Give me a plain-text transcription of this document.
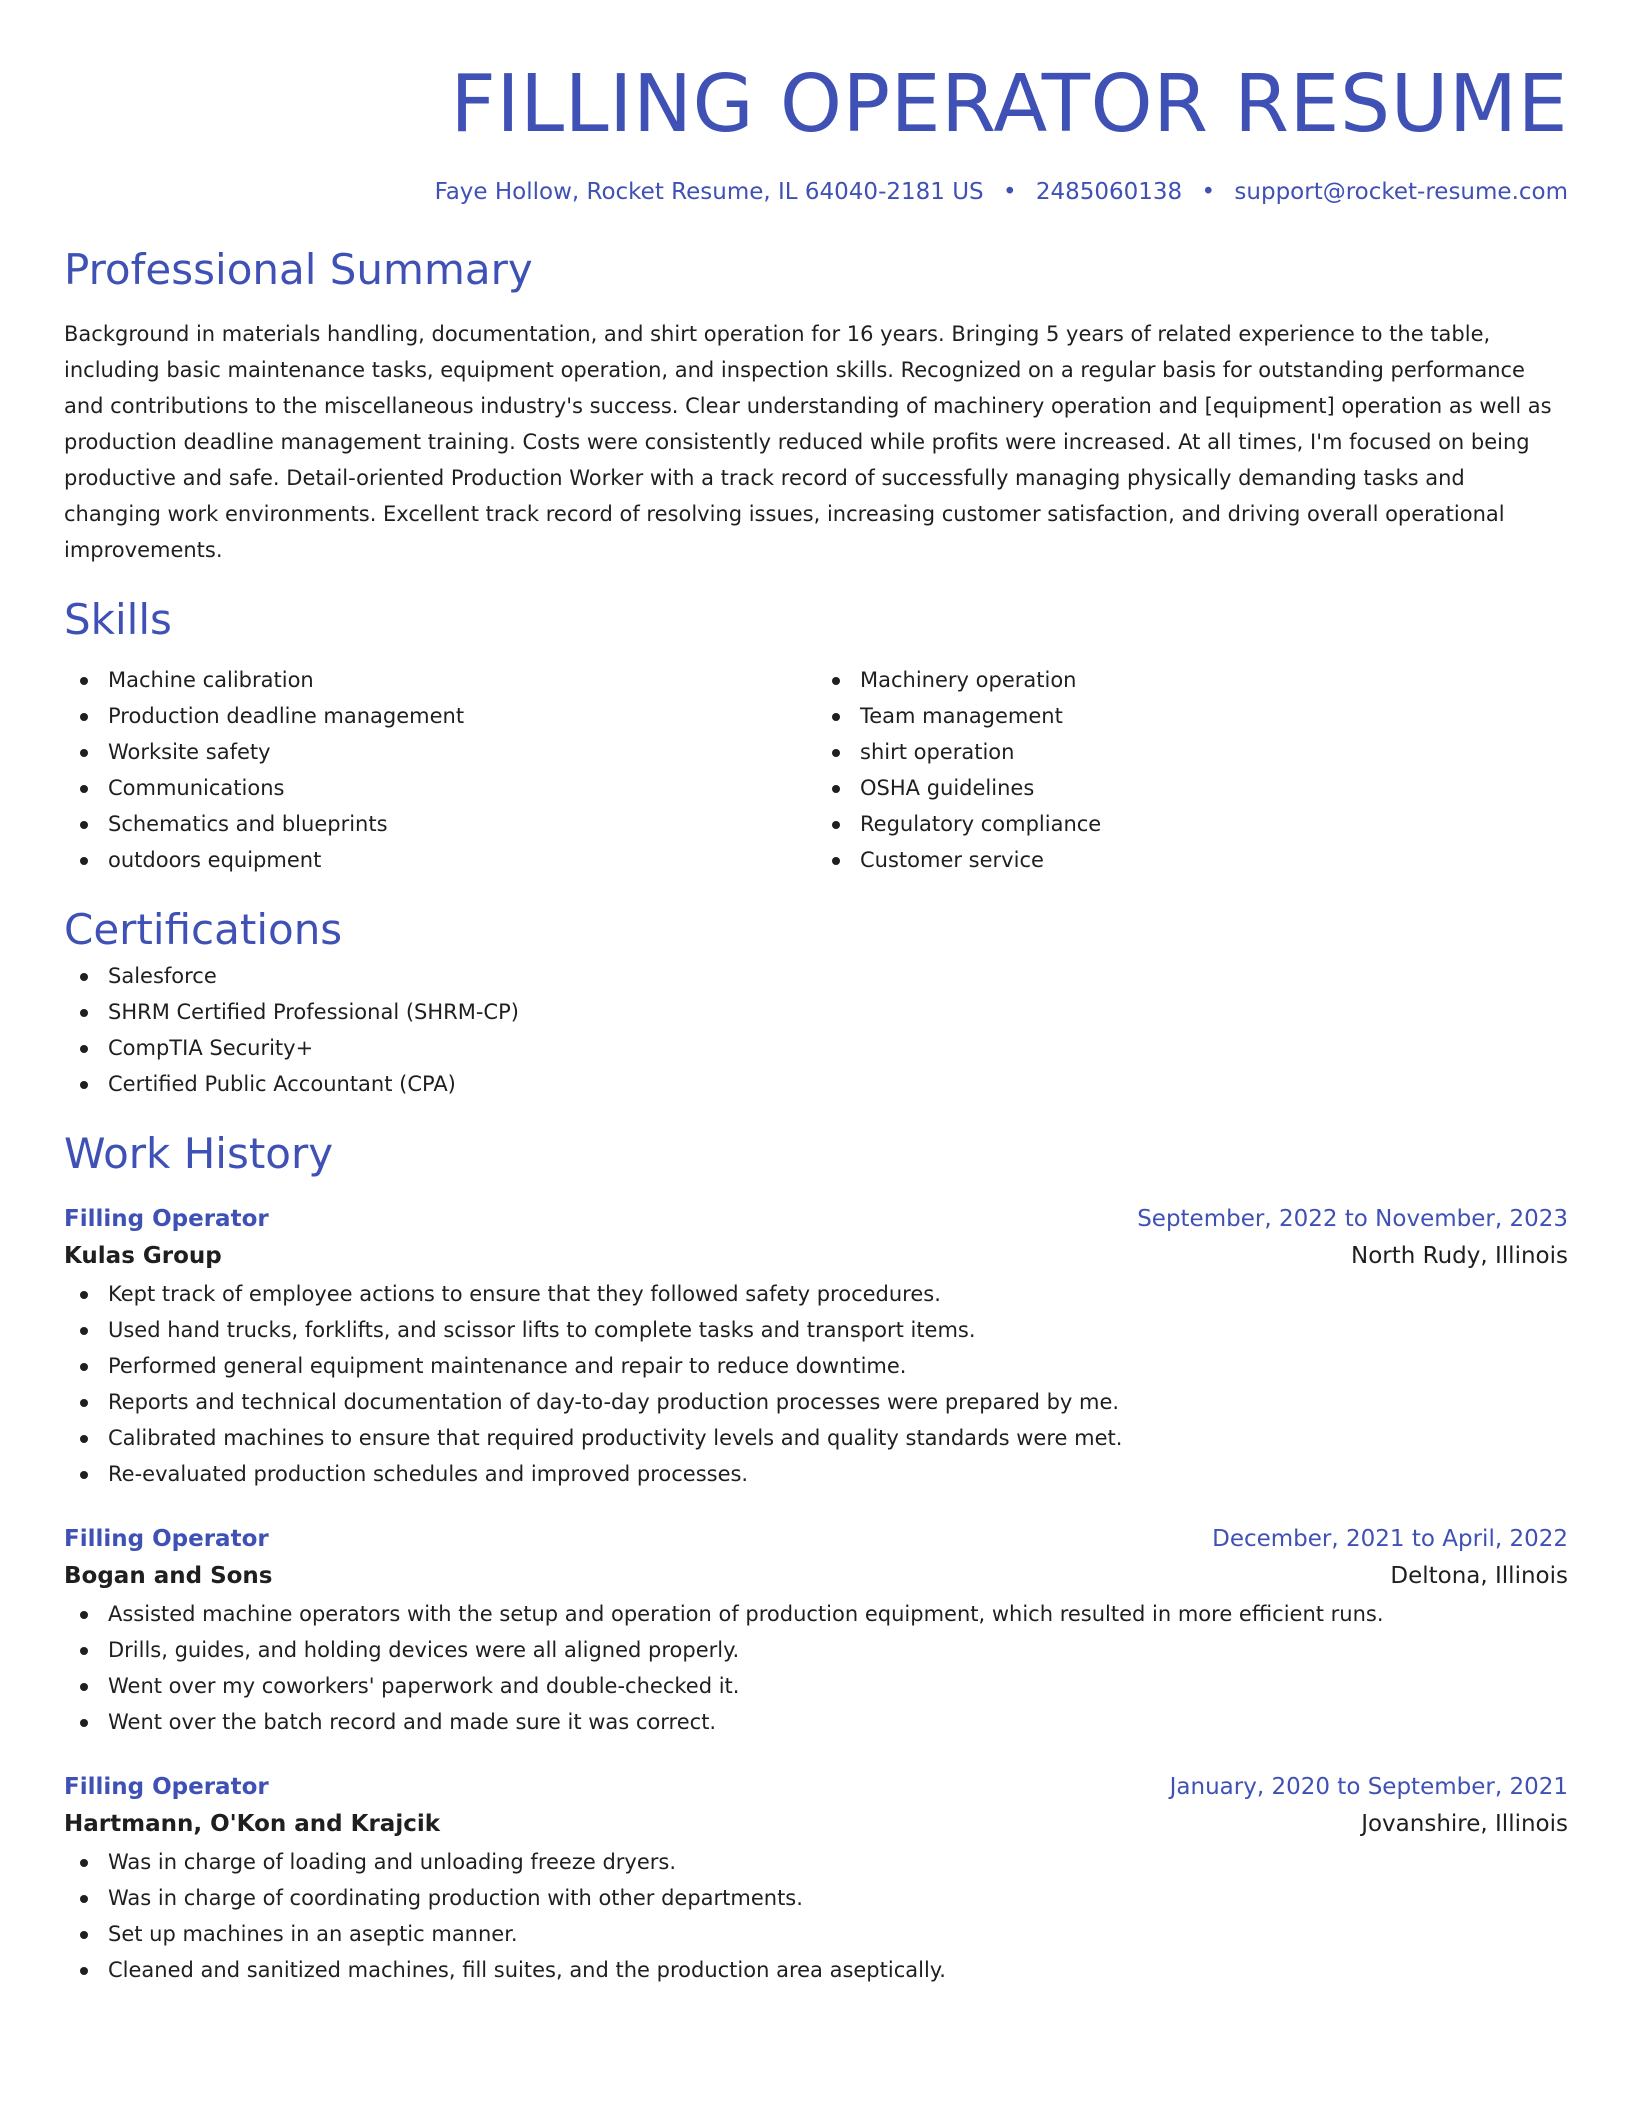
FILLING OPERATOR RESUME
Faye Hollow, Rocket Resume, IL 64040-2181 US • 2485060138 • support@rocket-resume.com
Professional Summary

Background in materials handling, documentation, and shirt operation for 16 years. Bringing 5 years of related experience to the table, including basic maintenance tasks, equipment operation, and inspection skills. Recognized on a regular basis for outstanding performance and contributions to the miscellaneous industry's success. Clear understanding of machinery operation and [equipment] operation as well as production deadline management training. Costs were consistently reduced while profits were increased. At all times, I'm focused on being productive and safe. Detail-oriented Production Worker with a track record of successfully managing physically demanding tasks and changing work environments. Excellent track record of resolving issues, increasing customer satisfaction, and driving overall operational improvements.

Skills
Machine calibration
Production deadline management
Worksite safety
Communications
Schematics and blueprints
outdoors equipment
Machinery operation
Team management
shirt operation
OSHA guidelines
Regulatory compliance
Customer service
Certifications
Salesforce
SHRM Certified Professional (SHRM-CP)
CompTIA Security+
Certified Public Accountant (CPA)
Work History
Filling Operator	September, 2022 to November, 2023
Kulas Group	North Rudy, Illinois
Kept track of employee actions to ensure that they followed safety procedures.
Used hand trucks, forklifts, and scissor lifts to complete tasks and transport items.
Performed general equipment maintenance and repair to reduce downtime.
Reports and technical documentation of day-to-day production processes were prepared by me.
Calibrated machines to ensure that required productivity levels and quality standards were met.
Re-evaluated production schedules and improved processes.
Filling Operator	December, 2021 to April, 2022
Bogan and Sons	Deltona, Illinois
Assisted machine operators with the setup and operation of production equipment, which resulted in more efficient runs.
Drills, guides, and holding devices were all aligned properly.
Went over my coworkers' paperwork and double-checked it.
Went over the batch record and made sure it was correct.
Filling Operator	January, 2020 to September, 2021
Hartmann, O'Kon and Krajcik	Jovanshire, Illinois
Was in charge of loading and unloading freeze dryers.
Was in charge of coordinating production with other departments.
Set up machines in an aseptic manner.
Cleaned and sanitized machines, fill suites, and the production area aseptically.
